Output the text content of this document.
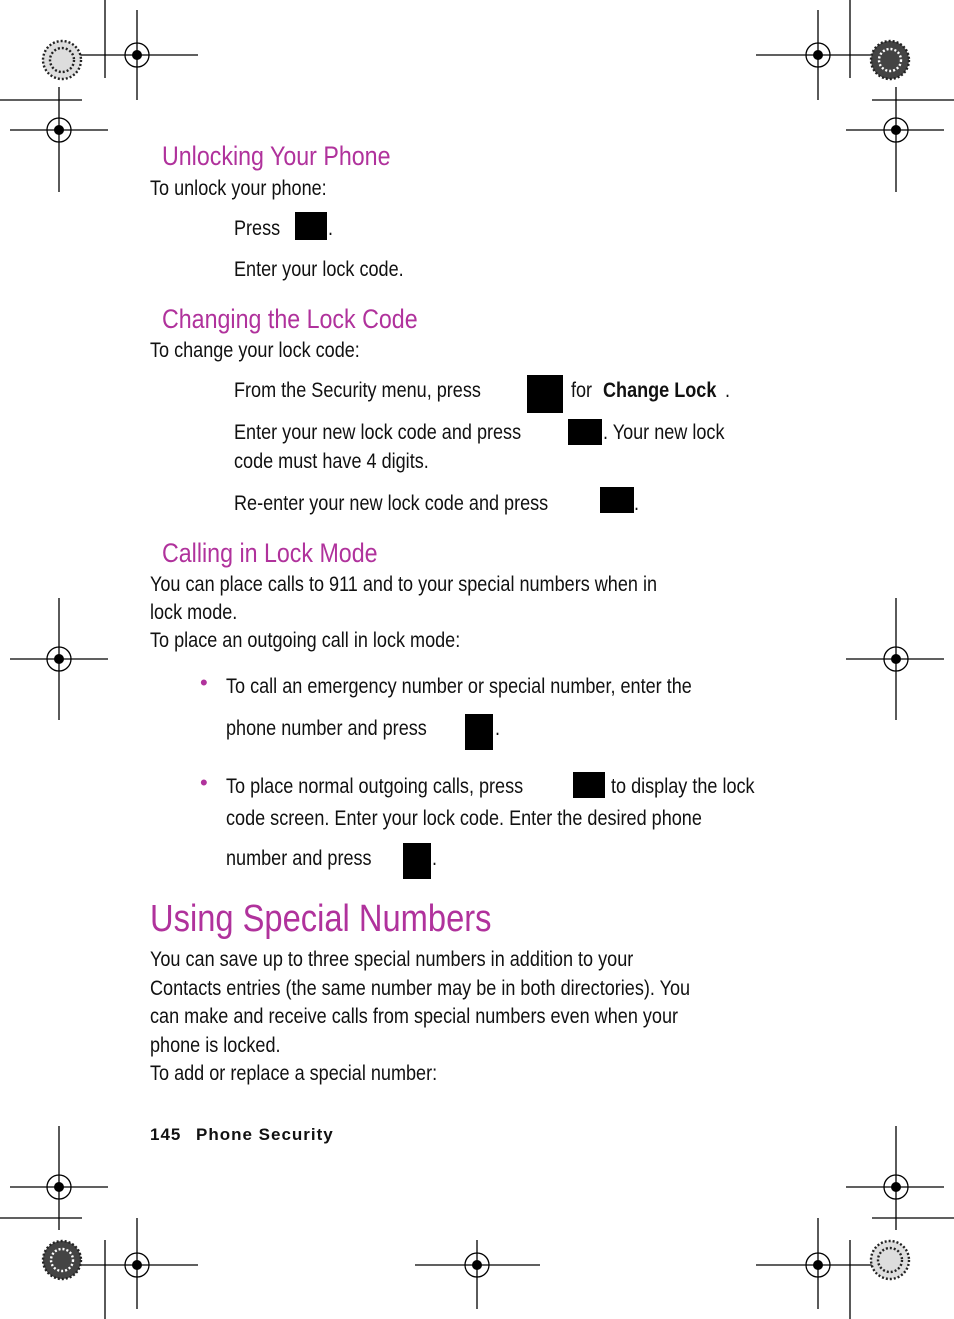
Unlocking Your Phone
To unlock your phone:
Press .
Enter your lock code.
Changing the Lock Code
To change your lock code:
From the Security menu, press	for Change Lock .
Enter your new lock code and press	. Your new lock
code must have 4 digits.
Re-enter your new lock code and press	.
Calling in Lock Mode
You can place calls to 911 and to your special numbers when in
lock mode.
To place an outgoing call in lock mode:
• To call an emergency number or special number, enter the
phone number and press	.
• To place normal outgoing calls, press	to display the lock
code screen. Enter your lock code. Enter the desired phone
number and press	.
Using Special Numbers
You can save up to three special numbers in addition to your
Contacts entries (the same number may be in both directories). You
can make and receive calls from special numbers even when your
phone is locked.
To add or replace a special number:
145 Phone Security
